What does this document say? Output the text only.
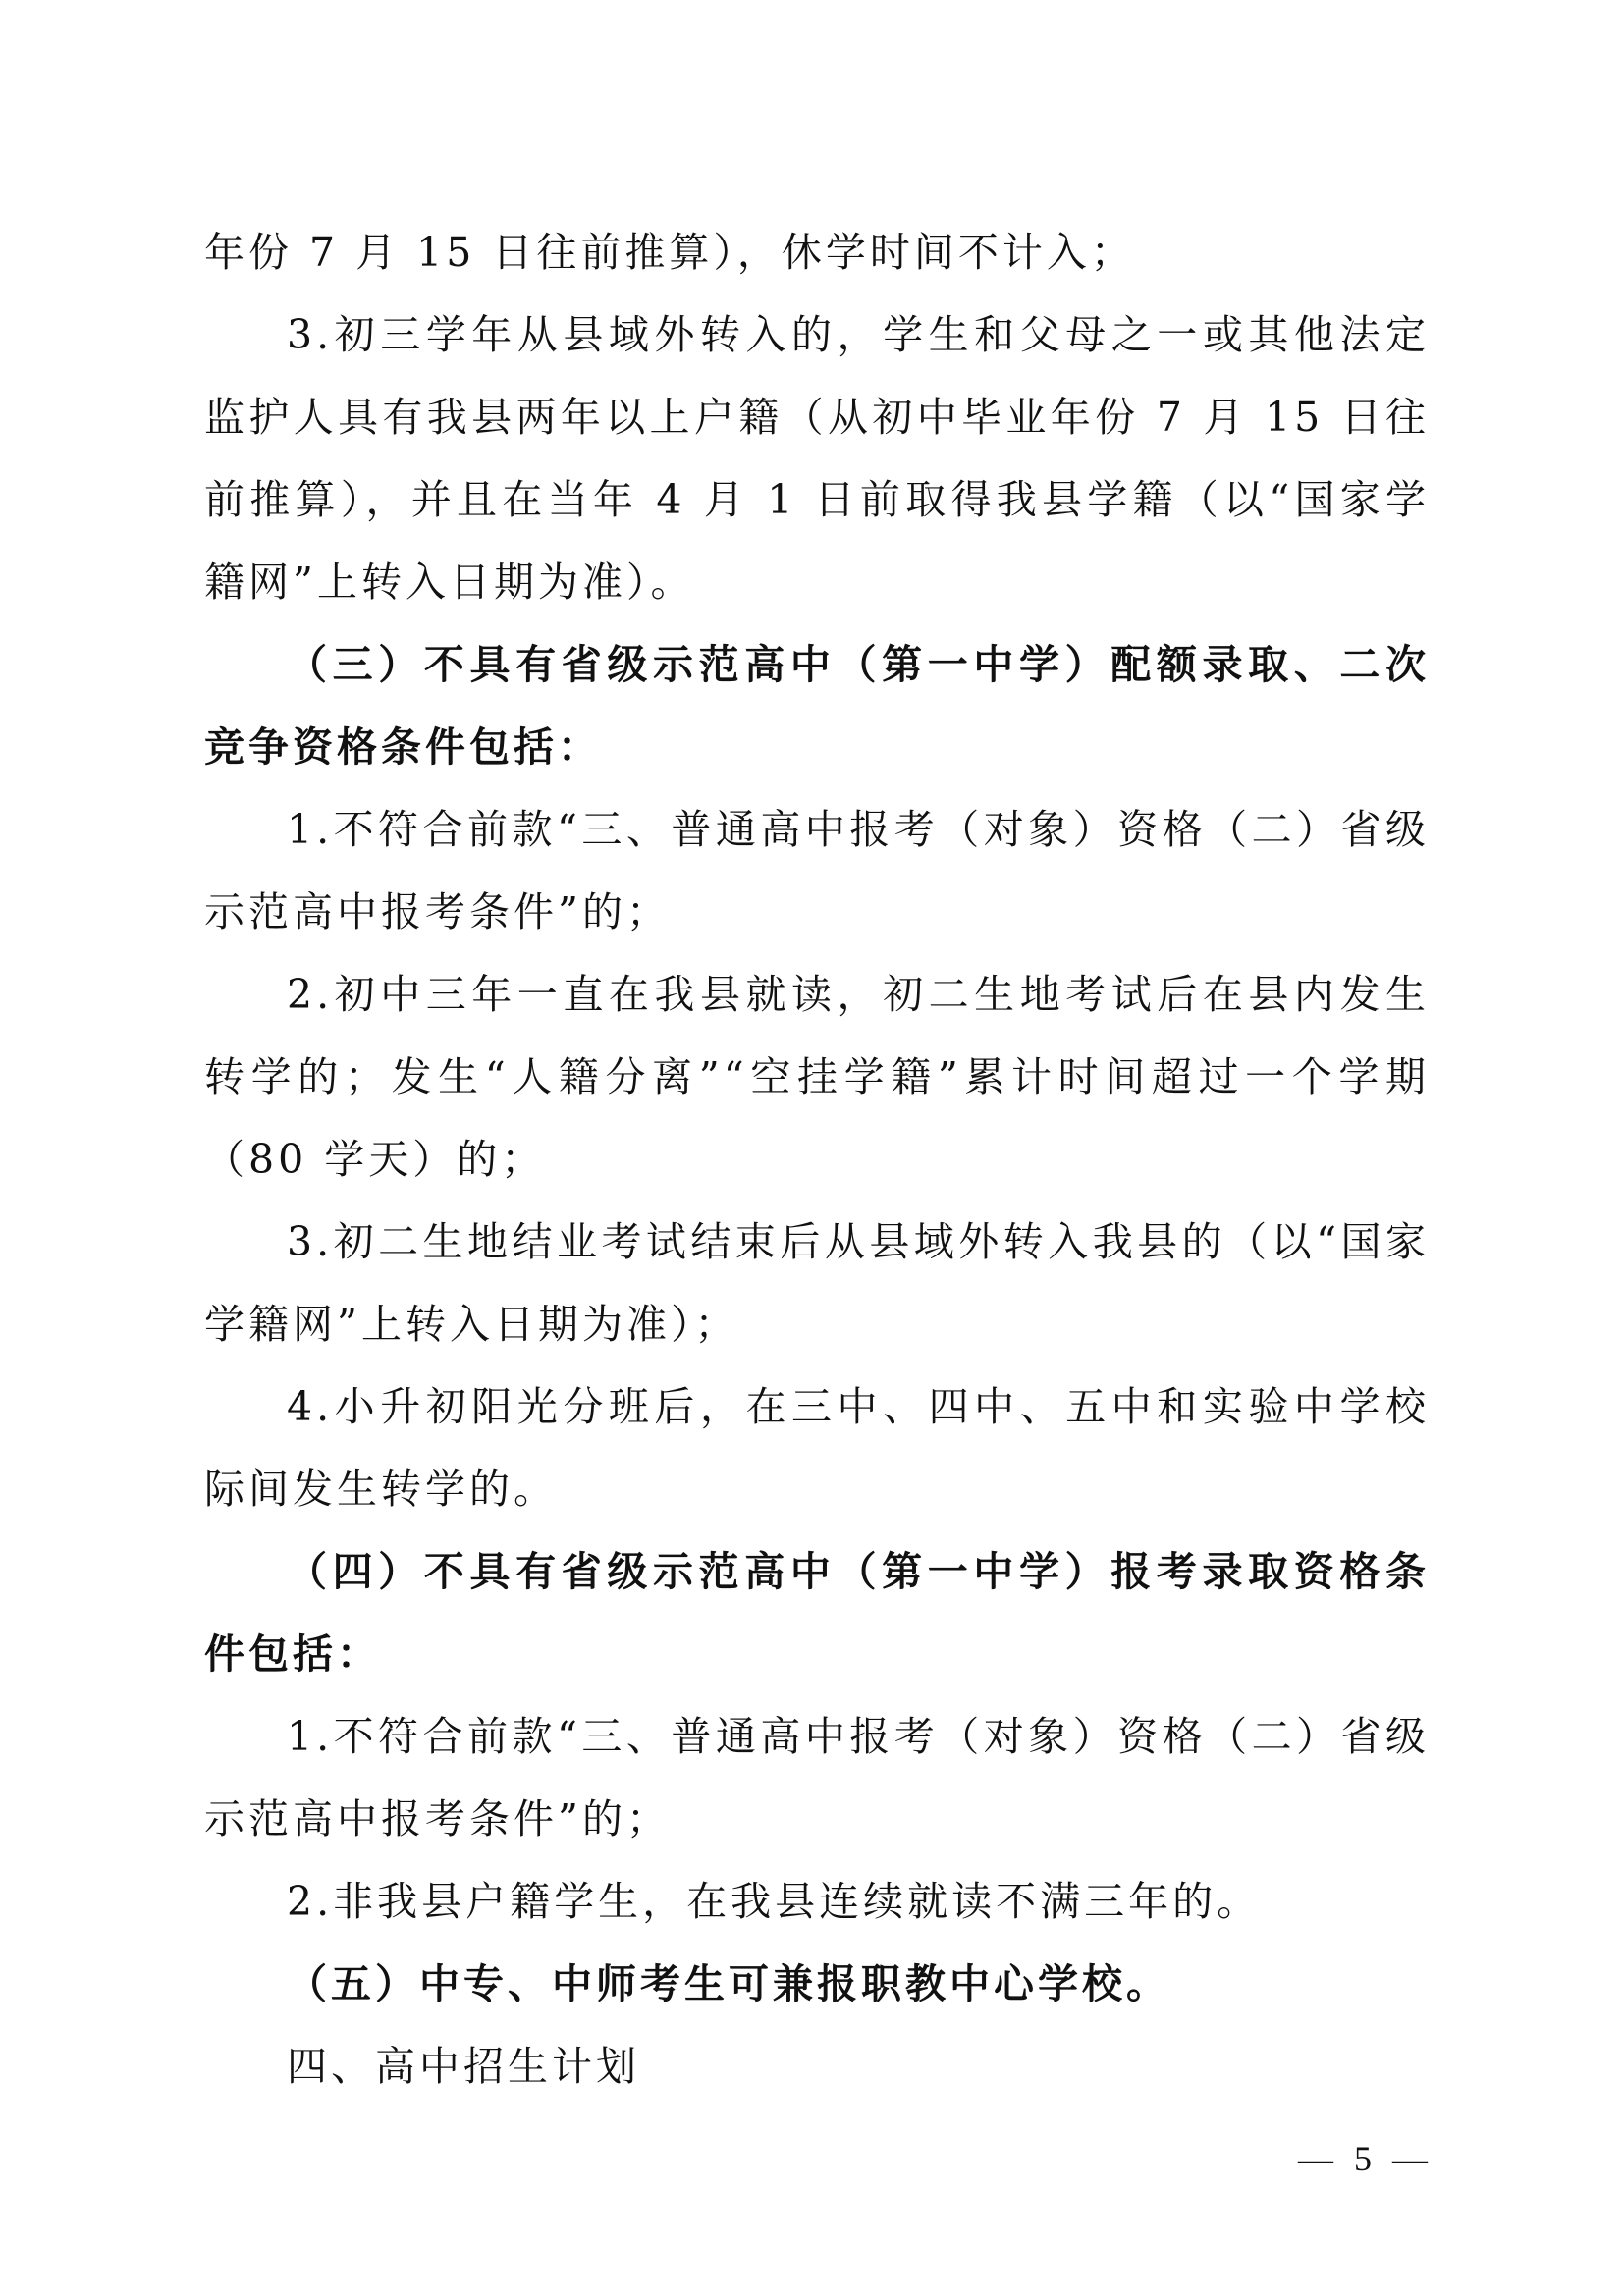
年份 7 月 15 日往前推算），休学时间不计入；

3.初三学年从县域外转入的，学生和父母之一或其他法定监护人具有我县两年以上户籍（从初中毕业年份 7 月 15 日往前推算），并且在当年 4 月 1 日前取得我县学籍（以“国家学籍网”上转入日期为准）。

（三）不具有省级示范高中（第一中学）配额录取、二次竞争资格条件包括：

1.不符合前款“三、普通高中报考（对象）资格（二）省级示范高中报考条件”的；

2.初中三年一直在我县就读，初二生地考试后在县内发生转学的；发生“人籍分离”“空挂学籍”累计时间超过一个学期（80 学天）的；

3.初二生地结业考试结束后从县域外转入我县的（以“国家学籍网”上转入日期为准）；

4.小升初阳光分班后，在三中、四中、五中和实验中学校际间发生转学的。

（四）不具有省级示范高中（第一中学）报考录取资格条件包括：

1.不符合前款“三、普通高中报考（对象）资格（二）省级示范高中报考条件”的；

2.非我县户籍学生，在我县连续就读不满三年的。

（五）中专、中师考生可兼报职教中心学校。

四、高中招生计划

— 5 —
